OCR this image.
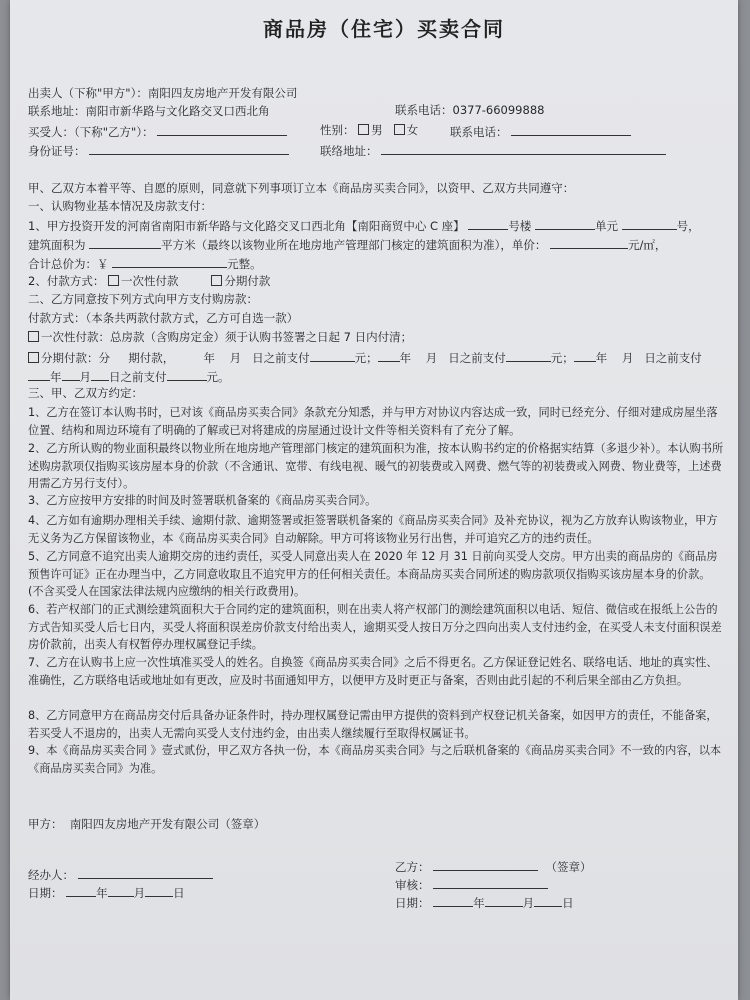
商品房（住宅）买卖合同
出卖人（下称"甲方"）：南阳四友房地产开发有限公司
联系地址：南阳市新华路与文化路交叉口西北角	联系电话：0377-66099888
买受人：（下称"乙方"）：	性别： 男 女	联系电话：
身份证号：	联络地址：
甲、乙双方本着平等、自愿的原则，同意就下列事项订立本《商品房买卖合同》，以资甲、乙双方共同遵守：
一、认购物业基本情况及房款支付：
1、甲方投资开发的河南省南阳市新华路与文化路交叉口西北角【南阳商贸中心 C 座】	号楼	单元	号，
建筑面积为	平方米（最终以该物业所在地房地产管理部门核定的建筑面积为准），单价：	元/㎡，
合计总价为：￥	元整。
2、付款方式： 一次性付款	分期付款
二、乙方同意按下列方式向甲方支付购房款：
付款方式：（本条共两款付款方式，乙方可自选一款）
一次性付款：总房款（含购房定金）须于认购书签署之日起 7 日内付清；
分期付款：分 期付款，	年 月 日之前支付	元； 年 月 日之前支付	元； 年 月 日之前支付
年 月 日之前支付	元。
三、甲、乙双方约定：
1、乙方在签订本认购书时，已对该《商品房买卖合同》条款充分知悉，并与甲方对协议内容达成一致，同时已经充分、仔细对建成房屋坐落位置、结构和周边环境有了明确的了解或已对将建成的房屋通过设计文件等相关资料有了充分了解。
2、乙方所认购的物业面积最终以物业所在地房地产管理部门核定的建筑面积为准，按本认购书约定的价格据实结算（多退少补）。本认购书所述购房款项仅指购买该房屋本身的价款（不含通讯、宽带、有线电视、暖气的初装费或入网费、燃气等的初装费或入网费、物业费等，上述费用需乙方另行支付）。
3、乙方应按甲方安排的时间及时签署联机备案的《商品房买卖合同》。
4、乙方如有逾期办理相关手续、逾期付款、逾期签署或拒签署联机备案的《商品房买卖合同》及补充协议，视为乙方放弃认购该物业，甲方无义务为乙方保留该物业，本《商品房买卖合同》自动解除。甲方可将该物业另行出售，并可追究乙方的违约责任。
5、乙方同意不追究出卖人逾期交房的违约责任，买受人同意出卖人在 2020 年 12 月 31 日前向买受人交房。甲方出卖的商品房的《商品房预售许可证》正在办理当中，乙方同意收取且不追究甲方的任何相关责任。本商品房买卖合同所述的购房款项仅指购买该房屋本身的价款。(不含买受人在国家法律法规内应缴纳的相关行政费用)。
6、若产权部门的正式测绘建筑面积大于合同约定的建筑面积，则在出卖人将产权部门的测绘建筑面积以电话、短信、微信或在报纸上公告的方式告知买受人后七日内，买受人将面积误差房价款支付给出卖人，逾期买受人按日万分之四向出卖人支付违约金，在买受人未支付面积误差房价款前，出卖人有权暂停办理权属登记手续。
7、乙方在认购书上应一次性填准买受人的姓名。自换签《商品房买卖合同》之后不得更名。乙方保证登记姓名、联络电话、地址的真实性、准确性，乙方联络电话或地址如有更改，应及时书面通知甲方，以便甲方及时更正与备案，否则由此引起的不利后果全部由乙方负担。
8、乙方同意甲方在商品房交付后具备办证条件时，持办理权属登记需由甲方提供的资料到产权登记机关备案，如因甲方的责任，不能备案，若买受人不退房的，出卖人无需向买受人支付违约金，由出卖人继续履行至取得权属证书。
9、本《商品房买卖合同 》壹式贰份，甲乙双方各执一份，本《商品房买卖合同》与之后联机备案的《商品房买卖合同》不一致的内容，以本《商品房买卖合同》为准。
甲方： 南阳四友房地产开发有限公司（签章）
经办人：
日期：	年 月 日
乙方：	（签章）
审核：
日期：	年	月 日
